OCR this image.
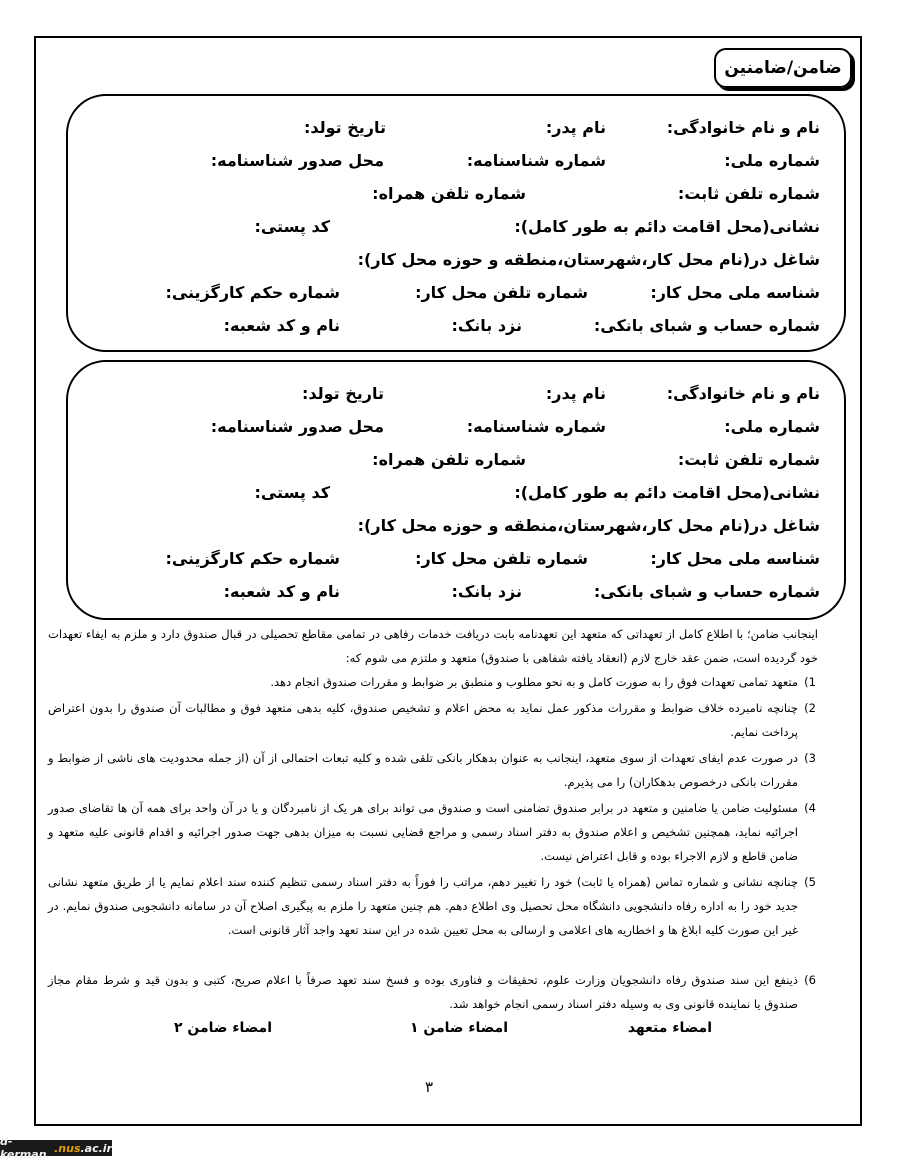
ضامن/ضامنین
نام و نام خانوادگی:
نام پدر:
تاریخ تولد:
شماره ملی:
شماره شناسنامه:
محل صدور شناسنامه:
شماره تلفن ثابت:
شماره تلفن همراه:
نشانی(محل اقامت دائم به طور کامل):
کد پستی:
شاغل در(نام محل کار،شهرستان،منطقه و حوزه محل کار):
شناسه ملی محل کار:
شماره تلفن محل کار:
شماره حکم کارگزینی:
شماره حساب و شبای بانکی:
نزد بانک:
نام و کد شعبه:
نام و نام خانوادگی:
نام پدر:
تاریخ تولد:
شماره ملی:
شماره شناسنامه:
محل صدور شناسنامه:
شماره تلفن ثابت:
شماره تلفن همراه:
نشانی(محل اقامت دائم به طور کامل):
کد پستی:
شاغل در(نام محل کار،شهرستان،منطقه و حوزه محل کار):
شناسه ملی محل کار:
شماره تلفن محل کار:
شماره حکم کارگزینی:
شماره حساب و شبای بانکی:
نزد بانک:
نام و کد شعبه:
اینجانب ضامن؛ با اطلاع کامل از تعهداتی که متعهد این تعهدنامه بابت دریافت خدمات رفاهی در تمامی مقاطع تحصیلی در قبال صندوق دارد و ملزم به ایفاء تعهدات خود گردیده است، ضمن عقد خارج لازم (انعقاد یافته شفاهی با صندوق) متعهد و ملتزم می شوم که:
1)
متعهد تمامی تعهدات فوق را به صورت کامل و به نحو مطلوب و منطبق بر ضوابط و مقررات صندوق انجام دهد.
2)
چنانچه نامبرده خلاف ضوابط و مقررات مذکور عمل نماید به محض اعلام و تشخیص صندوق، کلیه بدهی متعهد فوق و مطالبات آن صندوق را بدون اعتراض پرداخت نمایم.
3)
در صورت عدم ایفای تعهدات از سوی متعهد، اینجانب به عنوان بدهکار بانکی تلقی شده و کلیه تبعات احتمالی از آن (از جمله محدودیت های ناشی از ضوابط و مقررات بانکی درخصوص بدهکاران) را می پذیرم.
4)
مسئولیت ضامن یا ضامنین و متعهد در برابر صندوق تضامنی است و صندوق می تواند برای هر یک از نامبردگان و یا در آن واحد برای همه آن ها تقاضای صدور اجرائیه نماید، همچنین تشخیص و اعلام صندوق به دفتر اسناد رسمی و مراجع قضایی نسبت به میزان بدهی جهت صدور اجرائیه و اقدام قانونی علیه متعهد و ضامن قاطع و لازم الاجراء بوده و قابل اعتراض نیست.
5)
چنانچه نشانی و شماره تماس (همراه یا ثابت) خود را تغییر دهم، مراتب را فوراً به دفتر اسناد رسمی تنظیم کننده سند اعلام نمایم یا از طریق متعهد نشانی جدید خود را به اداره رفاه دانشجویی دانشگاه محل تحصیل وی اطلاع دهم. هم چنین متعهد را ملزم به پیگیری اصلاح آن در سامانه دانشجویی صندوق نمایم. در غیر این صورت کلیه ابلاغ ها و اخطاریه های اعلامی و ارسالی به محل تعیین شده در این سند تعهد واجد آثار قانونی است.
6)
ذینفع این سند صندوق رفاه دانشجویان وزارت علوم، تحقیقات و فناوری بوده و فسخ سند تعهد صرفاً با اعلام صریح، کتبی و بدون قید و شرط مقام مجاز صندوق یا نماینده قانونی وی به وسیله دفتر اسناد رسمی انجام خواهد شد.
امضاء متعهد
امضاء ضامن ۱
امضاء ضامن ۲
۳
d-kerman .nus .ac.ir
